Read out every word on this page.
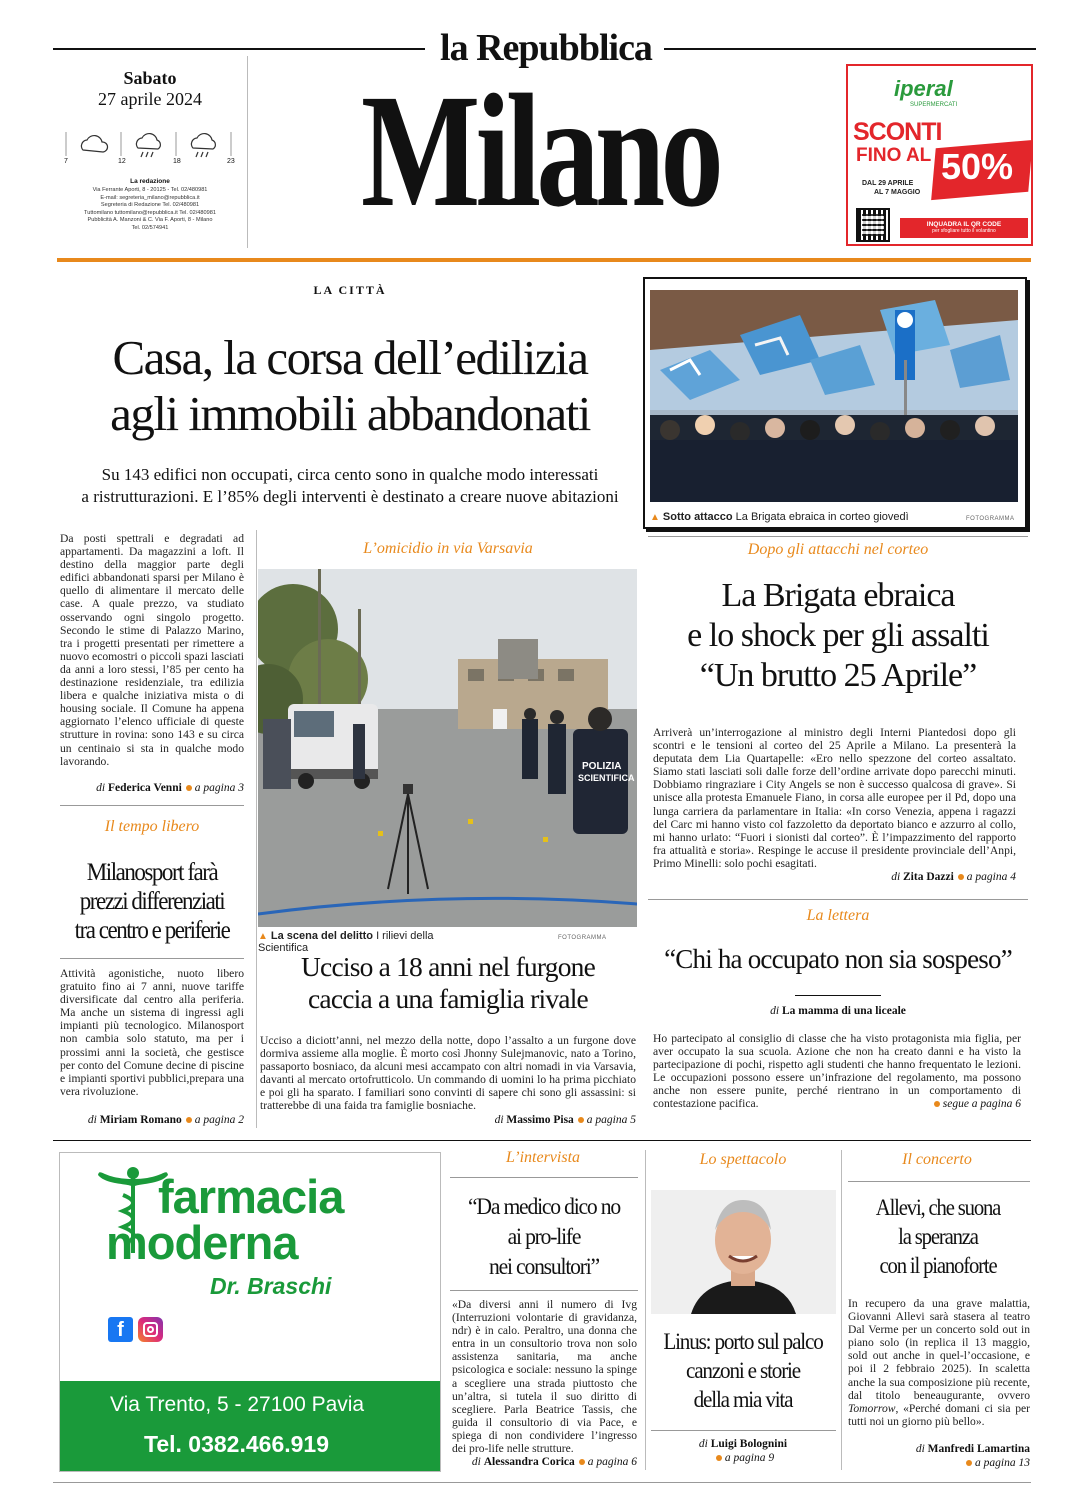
la Repubblica
Milano
Sabato
27 aprile 2024
7	12	18	23
La redazione
Via Ferrante Aporti, 8 - 20125 - Tel. 02/480981
E-mail: segreteria_milano@repubblica.it
Segreteria di Redazione Tel. 02/480981
Tuttomilano tuttomilano@repubblica.it Tel. 02/480981
Pubblicità A. Manzoni & C. Via F. Aporti, 8 - Milano
Tel. 02/574941
iperal
SUPERMERCATI
SCONTI
FINO AL 50%
DAL 29 APRILE
AL 7 MAGGIO
INQUADRA IL QR CODE
per sfogliare tutto il volantino
LA CITTÀ
Casa, la corsa dell’edilizia
agli immobili abbandonati
Su 143 edifici non occupati, circa cento sono in qualche modo interessati
a ristrutturazioni. E l’85% degli interventi è destinato a creare nuove abitazioni
Da posti spettrali e degradati ad appartamenti. Da magazzini a loft. Il destino della maggior parte degli edifici abbandonati sparsi per Milano è quello di alimentare il mercato delle case. A quale prezzo, va studiato osservando ogni singolo progetto. Secondo le stime di Palazzo Marino, tra i progetti presentati per rimettere a nuovo ecomostri o piccoli spazi lasciati da anni a loro stessi, l’85 per cento ha destinazione residenziale, tra edilizia libera e qualche iniziativa mista o di housing sociale. Il Comune ha appena aggiornato l’elenco ufficiale di queste strutture in rovina: sono 143 e su circa un centinaio si sta in qualche modo lavorando.
di Federica Venni a pagina 3
Il tempo libero
Milanosport farà
prezzi differenziati
tra centro e periferie
Attività agonistiche, nuoto libero gratuito fino ai 7 anni, nuove tariffe diversificate dal centro alla periferia. Ma anche un sistema di ingressi agli impianti più tecnologico. Milanosport non cambia solo statuto, ma per i prossimi anni la società, che gestisce per conto del Comune decine di piscine e impianti sportivi pubblici,prepara una vera rivoluzione.
di Miriam Romano a pagina 2
L’omicidio in via Varsavia
POLIZIA
SCIENTIFICA
▲ La scena del delitto I rilievi della Scientifica
FOTOGRAMMA
Ucciso a 18 anni nel furgone
caccia a una famiglia rivale
Ucciso a diciott’anni, nel mezzo della notte, dopo l’assalto a un furgone dove dormiva assieme alla moglie. È morto così Jhonny Sulejmanovic, nato a Torino, passaporto bosniaco, da alcuni mesi accampato con altri nomadi in via Varsavia, davanti al mercato ortofrutticolo. Un commando di uomini lo ha prima picchiato e poi gli ha sparato. I familiari sono convinti di sapere chi sono gli assassini: si tratterebbe di una faida tra famiglie bosniache.
di Massimo Pisa a pagina 5
▲ Sotto attacco La Brigata ebraica in corteo giovedì	FOTOGRAMMA
Dopo gli attacchi nel corteo
La Brigata ebraica
e lo shock per gli assalti
“Un brutto 25 Aprile”
Arriverà un’interrogazione al ministro degli Interni Piantedosi dopo gli scontri e le tensioni al corteo del 25 Aprile a Milano. La presenterà la deputata dem Lia Quartapelle: «Ero nello spezzone del corteo assaltato. Siamo stati lasciati soli dalle forze dell’ordine arrivate dopo parecchi minuti. Dobbiamo ringraziare i City Angels se non è successo qualcosa di grave». Si unisce alla protesta Emanuele Fiano, in corsa alle europee per il Pd, dopo una lunga carriera da parlamentare in Italia: «In corso Venezia, appena i ragazzi del Carc mi hanno visto col fazzoletto da deportato bianco e azzurro al collo, mi hanno urlato: “Fuori i sionisti dal corteo”. È l’impazzimento del rapporto fra attualità e storia». Respinge le accuse il presidente provinciale dell’Anpi, Primo Minelli: solo pochi esagitati.
di Zita Dazzi a pagina 4
La lettera
“Chi ha occupato non sia sospeso”
di La mamma di una liceale
Ho partecipato al consiglio di classe che ha visto protagonista mia figlia, per aver occupato la sua scuola. Azione che non ha creato danni e ha visto la partecipazione di pochi, rispetto agli studenti che hanno frequentato le lezioni. Le occupazioni possono essere un’infrazione del regolamento, ma possono anche non essere punite, perché rientrano in un comportamento di contestazione pacifica.	segue a pagina 6
farmacia
moderna
Dr. Braschi
f
Via Trento, 5 - 27100 Pavia
Tel. 0382.466.919
L’intervista
“Da medico dico no
ai pro-life
nei consultori”
«Da diversi anni il numero di Ivg (Interruzioni volontarie di gravidanza, ndr) è in calo. Peraltro, una donna che entra in un consultorio trova non solo assistenza sanitaria, ma anche psicologica e sociale: nessuno la spinge a scegliere una strada piuttosto che un’altra, si tutela il suo diritto di scegliere. Parla Beatrice Tassis, che guida il consultorio di via Pace, e spiega di non condividere l’ingresso dei pro-life nelle strutture.
di Alessandra Corica a pagina 6
Lo spettacolo
Linus: porto sul palco
canzoni e storie
della mia vita
di Luigi Bolognini
a pagina 9
Il concerto
Allevi, che suona
la speranza
con il pianoforte
In recupero da una grave malattia, Giovanni Allevi sarà stasera al teatro Dal Verme per un concerto sold out in piano solo (in replica il 13 maggio, sold out anche in quel-l’occasione, e poi il 2 febbraio 2025). In scaletta anche la sua composizione più recente, dal titolo beneaugurante, ovvero Tomorrow, «Perché domani ci sia per tutti noi un giorno più bello».
di Manfredi Lamartina
a pagina 13
